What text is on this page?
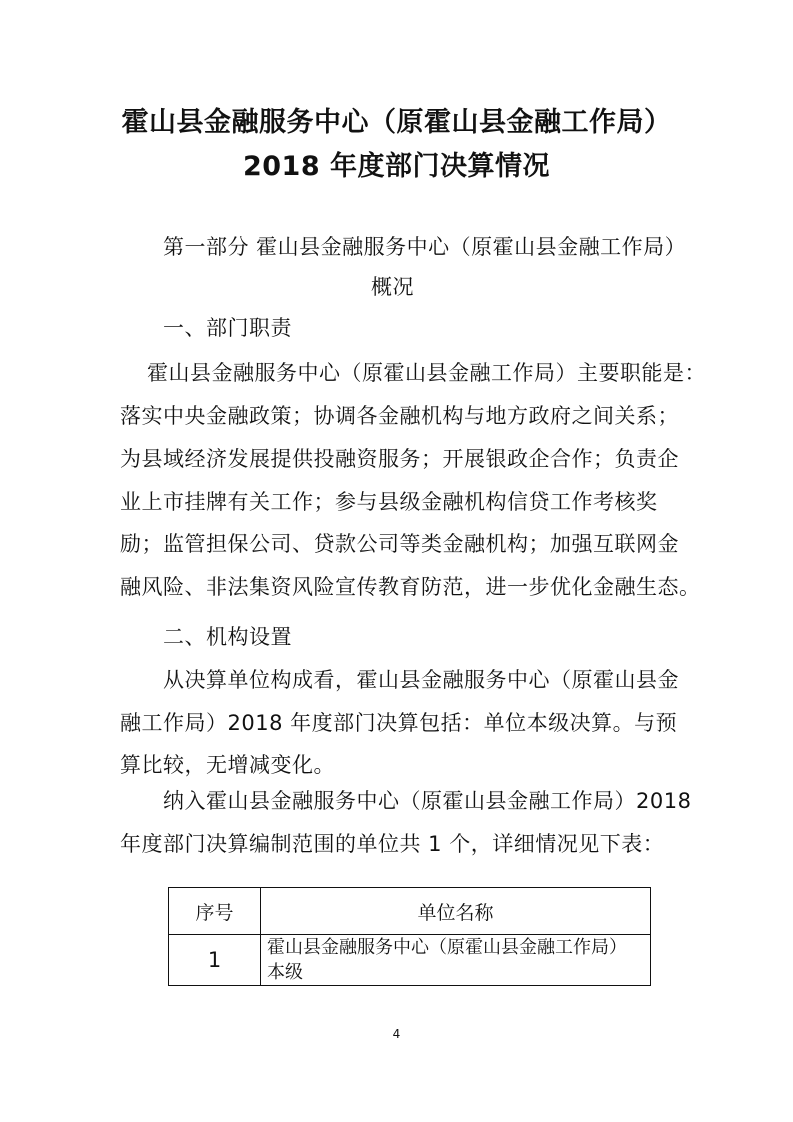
霍山县金融服务中心（原霍山县金融工作局）
2018 年度部门决算情况
第一部分 霍山县金融服务中心（原霍山县金融工作局）
概况
一、部门职责
霍山县金融服务中心（原霍山县金融工作局）主要职能是：
落实中央金融政策；协调各金融机构与地方政府之间关系；
为县域经济发展提供投融资服务；开展银政企合作；负责企
业上市挂牌有关工作；参与县级金融机构信贷工作考核奖
励；监管担保公司、贷款公司等类金融机构；加强互联网金
融风险、非法集资风险宣传教育防范，进一步优化金融生态。
二、机构设置
从决算单位构成看，霍山县金融服务中心（原霍山县金
融工作局）2018 年度部门决算包括：单位本级决算。与预
算比较，无增减变化。
纳入霍山县金融服务中心（原霍山县金融工作局）2018
年度部门决算编制范围的单位共 1 个，详细情况见下表：
序号	单位名称
1	霍山县金融服务中心（原霍山县金融工作局）
本级
4
